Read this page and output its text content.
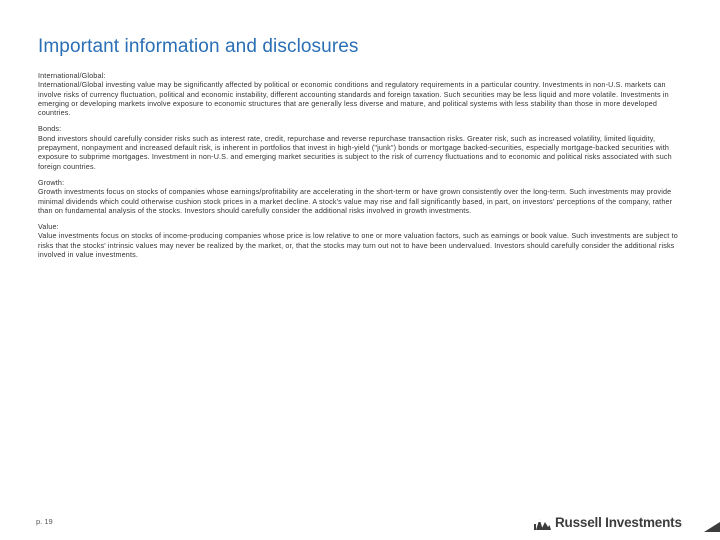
Important information and disclosures
International/Global:

International/Global investing value may be significantly affected by political or economic conditions and regulatory requirements in a particular country. Investments in non-U.S. markets can involve risks of currency fluctuation, political and economic instability, different accounting standards and foreign taxation. Such securities may be less liquid and more volatile. Investments in emerging or developing markets involve exposure to economic structures that are generally less diverse and mature, and political systems with less stability than those in more developed countries.

Bonds:

Bond investors should carefully consider risks such as interest rate, credit, repurchase and reverse repurchase transaction risks. Greater risk, such as increased volatility, limited liquidity, prepayment, nonpayment and increased default risk, is inherent in portfolios that invest in high-yield ("junk") bonds or mortgage backed-securities, especially mortgage-backed securities with exposure to subprime mortgages. Investment in non-U.S. and emerging market securities is subject to the risk of currency fluctuations and to economic and political risks associated with such foreign countries.

Growth:

Growth investments focus on stocks of companies whose earnings/profitability are accelerating in the short-term or have grown consistently over the long-term. Such investments may provide minimal dividends which could otherwise cushion stock prices in a market decline. A stock's value may rise and fall significantly based, in part, on investors' perceptions of the company, rather than on fundamental analysis of the stocks. Investors should carefully consider the additional risks involved in growth investments.

Value:

Value investments focus on stocks of income-producing companies whose price is low relative to one or more valuation factors, such as earnings or book value. Such investments are subject to risks that the stocks' intrinsic values may never be realized by the market, or, that the stocks may turn out not to have been undervalued. Investors should carefully consider the additional risks involved in value investments.

p. 19	Russell Investments
